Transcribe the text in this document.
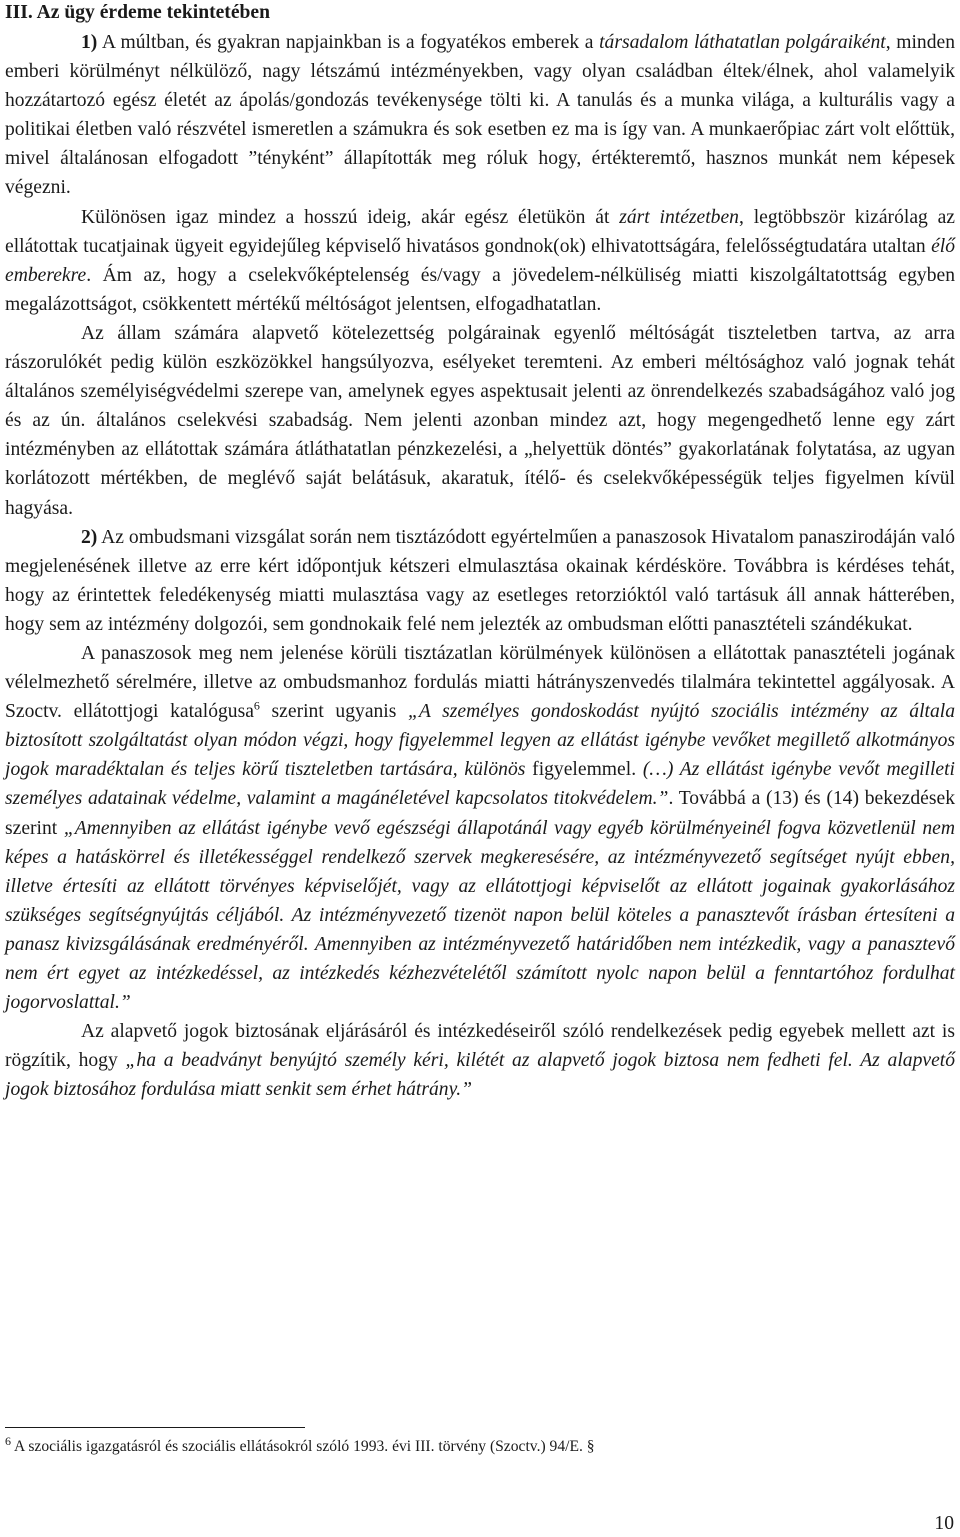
III. Az ügy érdeme tekintetében

1) A múltban, és gyakran napjainkban is a fogyatékos emberek a társadalom láthatatlan polgáraiként, minden emberi körülményt nélkülöző, nagy létszámú intézményekben, vagy olyan családban éltek/élnek, ahol valamelyik hozzátartozó egész életét az ápolás/gondozás tevékenysége tölti ki. A tanulás és a munka világa, a kulturális vagy a politikai életben való részvétel ismeretlen a számukra és sok esetben ez ma is így van. A munkaerőpiac zárt volt előttük, mivel általánosan elfogadott ”tényként” állapították meg róluk hogy, értékteremtő, hasznos munkát nem képesek végezni.

Különösen igaz mindez a hosszú ideig, akár egész életükön át zárt intézetben, legtöbbször kizárólag az ellátottak tucatjainak ügyeit egyidejűleg képviselő hivatásos gondnok(ok) elhivatottságára, felelősségtudatára utaltan élő emberekre. Ám az, hogy a cselekvőképtelenség és/vagy a jövedelem-nélküliség miatti kiszolgáltatottság egyben megalázottságot, csökkentett mértékű méltóságot jelentsen, elfogadhatatlan.

Az állam számára alapvető kötelezettség polgárainak egyenlő méltóságát tiszteletben tartva, az arra rászorulókét pedig külön eszközökkel hangsúlyozva, esélyeket teremteni. Az emberi méltósághoz való jognak tehát általános személyiségvédelmi szerepe van, amelynek egyes aspektusait jelenti az önrendelkezés szabadságához való jog és az ún. általános cselekvési szabadság. Nem jelenti azonban mindez azt, hogy megengedhető lenne egy zárt intézményben az ellátottak számára átláthatatlan pénzkezelési, a „helyettük döntés” gyakorlatának folytatása, az ugyan korlátozott mértékben, de meglévő saját belátásuk, akaratuk, ítélő- és cselekvőképességük teljes figyelmen kívül hagyása.

2) Az ombudsmani vizsgálat során nem tisztázódott egyértelműen a panaszosok Hivatalom panaszirodáján való megjelenésének illetve az erre kért időpontjuk kétszeri elmulasztása okainak kérdésköre. Továbbra is kérdéses tehát, hogy az érintettek feledékenység miatti mulasztása vagy az esetleges retorzióktól való tartásuk áll annak hátterében, hogy sem az intézmény dolgozói, sem gondnokaik felé nem jelezték az ombudsman előtti panasztételi szándékukat.

A panaszosok meg nem jelenése körüli tisztázatlan körülmények különösen a ellátottak panasztételi jogának vélelmezhető sérelmére, illetve az ombudsmanhoz fordulás miatti hátrányszenvedés tilalmára tekintettel aggályosak. A Szoctv. ellátottjogi katalógusa$^6$ szerint ugyanis „A személyes gondoskodást nyújtó szociális intézmény az általa biztosított szolgáltatást olyan módon végzi, hogy figyelemmel legyen az ellátást igénybe vevőket megillető alkotmányos jogok maradéktalan és teljes körű tiszteletben tartására, különös figyelemmel. (…) Az ellátást igénybe vevőt megilleti személyes adatainak védelme, valamint a magánéletével kapcsolatos titokvédelem.”. Továbbá a (13) és (14) bekezdések szerint „Amennyiben az ellátást igénybe vevő egészségi állapotánál vagy egyéb körülményeinél fogva közvetlenül nem képes a hatáskörrel és illetékességgel rendelkező szervek megkeresésére, az intézményvezető segítséget nyújt ebben, illetve értesíti az ellátott törvényes képviselőjét, vagy az ellátottjogi képviselőt az ellátott jogainak gyakorlásához szükséges segítségnyújtás céljából. Az intézményvezető tizenöt napon belül köteles a panasztevőt írásban értesíteni a panasz kivizsgálásának eredményéről. Amennyiben az intézményvezető határidőben nem intézkedik, vagy a panasztevő nem ért egyet az intézkedéssel, az intézkedés kézhezvételétől számított nyolc napon belül a fenntartóhoz fordulhat jogorvoslattal.”

Az alapvető jogok biztosának eljárásáról és intézkedéseiről szóló rendelkezések pedig egyebek mellett azt is rögzítik, hogy „ha a beadványt benyújtó személy kéri, kilétét az alapvető jogok biztosa nem fedheti fel. Az alapvető jogok biztosához fordulása miatt senkit sem érhet hátrány.”

$^6$ A szociális igazgatásról és szociális ellátásokról szóló 1993. évi III. törvény (Szoctv.) 94/E. §
10
